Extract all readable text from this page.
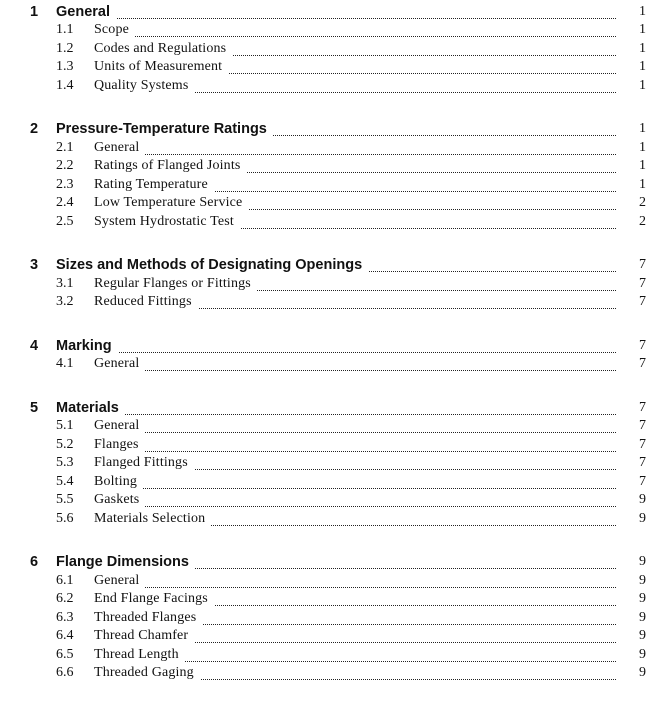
1 General	1
1.1 Scope	1
1.2 Codes and Regulations	1
1.3 Units of Measurement	1
1.4 Quality Systems	1
2 Pressure-Temperature Ratings	1
2.1 General	1
2.2 Ratings of Flanged Joints	1
2.3 Rating Temperature	1
2.4 Low Temperature Service	2
2.5 System Hydrostatic Test	2
3 Sizes and Methods of Designating Openings	7
3.1 Regular Flanges or Fittings	7
3.2 Reduced Fittings	7
4 Marking	7
4.1 General	7
5 Materials	7
5.1 General	7
5.2 Flanges	7
5.3 Flanged Fittings	7
5.4 Bolting	7
5.5 Gaskets	9
5.6 Materials Selection	9
6 Flange Dimensions	9
6.1 General	9
6.2 End Flange Facings	9
6.3 Threaded Flanges	9
6.4 Thread Chamfer	9
6.5 Thread Length	9
6.6 Threaded Gaging	9
